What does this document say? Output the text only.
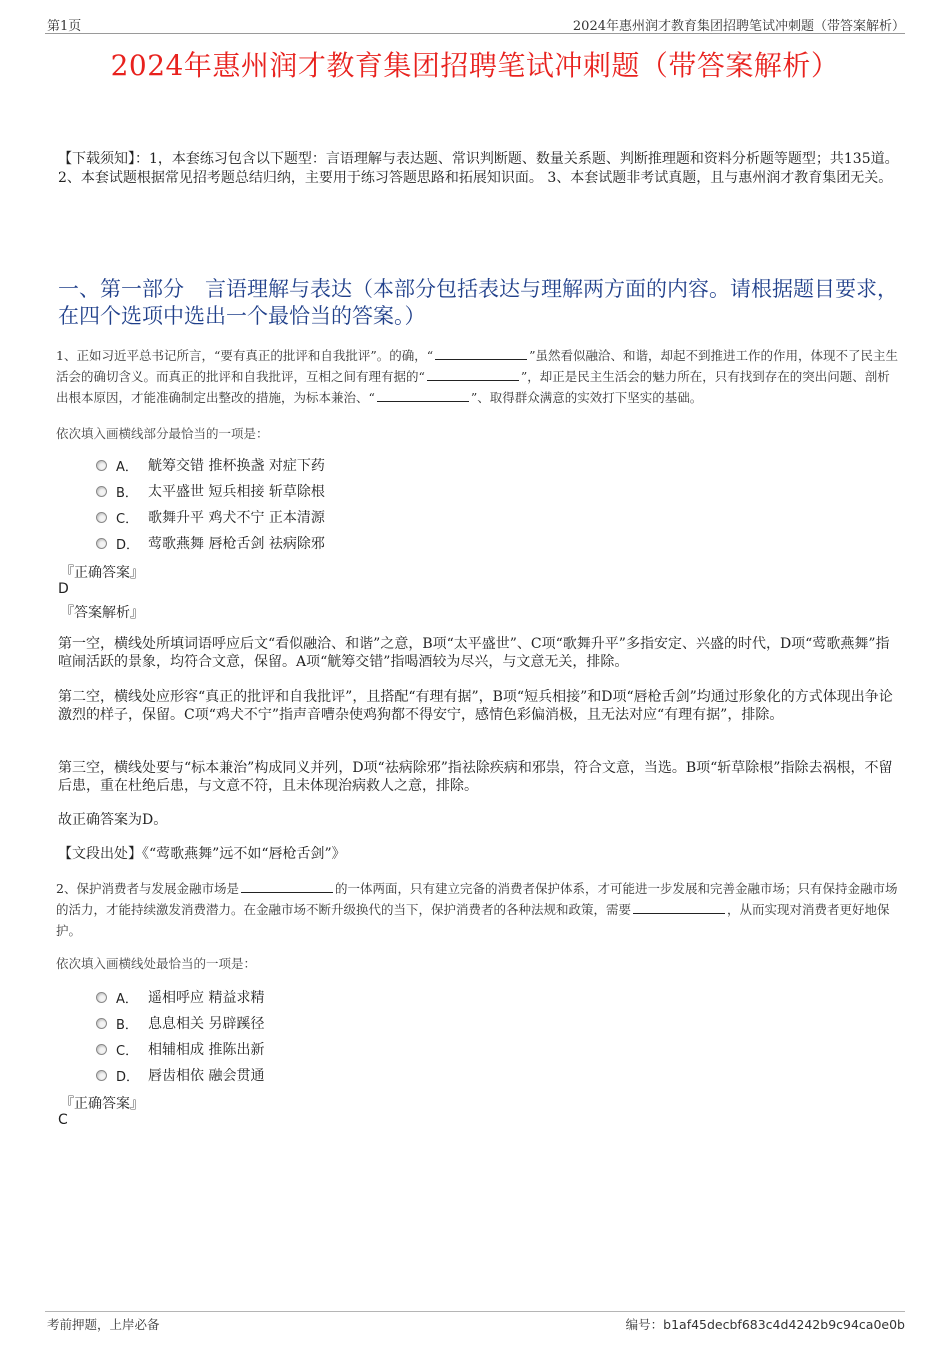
第1页	2024年惠州润才教育集团招聘笔试冲刺题（带答案解析）
2024年惠州润才教育集团招聘笔试冲刺题（带答案解析）
【下载须知】：1，本套练习包含以下题型：言语理解与表达题、常识判断题、数量关系题、判断推理题和资料分析题等题型；共135道。 2、本套试题根据常见招考题总结归纳，主要用于练习答题思路和拓展知识面。 3、本套试题非考试真题，且与惠州润才教育集团无关。
一、第一部分　言语理解与表达（本部分包括表达与理解两方面的内容。请根据题目要求，在四个选项中选出一个最恰当的答案。）
1、正如习近平总书记所言，“要有真正的批评和自我批评”。的确，“	”虽然看似融洽、和谐，却起不到推进工作的作用，体现不了民主生活会的确切含义。而真正的批评和自我批评，互相之间有理有据的“	”，却正是民主生活会的魅力所在，只有找到存在的突出问题、剖析出根本原因，才能准确制定出整改的措施，为标本兼治、“	”、取得群众满意的实效打下坚实的基础。
依次填入画横线部分最恰当的一项是：
A． 觥筹交错 推杯换盏 对症下药
B． 太平盛世 短兵相接 斩草除根
C． 歌舞升平 鸡犬不宁 正本清源
D． 莺歌燕舞 唇枪舌剑 祛病除邪
『正确答案』
D
『答案解析』
第一空，横线处所填词语呼应后文“看似融洽、和谐”之意，B项“太平盛世”、C项“歌舞升平”多指安定、兴盛的时代，D项“莺歌燕舞”指喧闹活跃的景象，均符合文意，保留。A项“觥筹交错”指喝酒较为尽兴，与文意无关，排除。
第二空，横线处应形容“真正的批评和自我批评”，且搭配“有理有据”，B项“短兵相接”和D项“唇枪舌剑”均通过形象化的方式体现出争论激烈的样子，保留。C项“鸡犬不宁”指声音嘈杂使鸡狗都不得安宁，感情色彩偏消极，且无法对应“有理有据”，排除。
第三空，横线处要与“标本兼治”构成同义并列，D项“祛病除邪”指祛除疾病和邪祟，符合文意，当选。B项“斩草除根”指除去祸根，不留后患，重在杜绝后患，与文意不符，且未体现治病救人之意，排除。
故正确答案为D。
【文段出处】《“莺歌燕舞”远不如“唇枪舌剑”》
2、保护消费者与发展金融市场是	的一体两面，只有建立完备的消费者保护体系，才可能进一步发展和完善金融市场；只有保持金融市场的活力，才能持续激发消费潜力。在金融市场不断升级换代的当下，保护消费者的各种法规和政策，需要	，从而实现对消费者更好地保护。
依次填入画横线处最恰当的一项是：
A． 遥相呼应 精益求精
B． 息息相关 另辟蹊径
C． 相辅相成 推陈出新
D． 唇齿相依 融会贯通
『正确答案』
C
考前押题，上岸必备	编号：b1af45decbf683c4d4242b9c94ca0e0b
